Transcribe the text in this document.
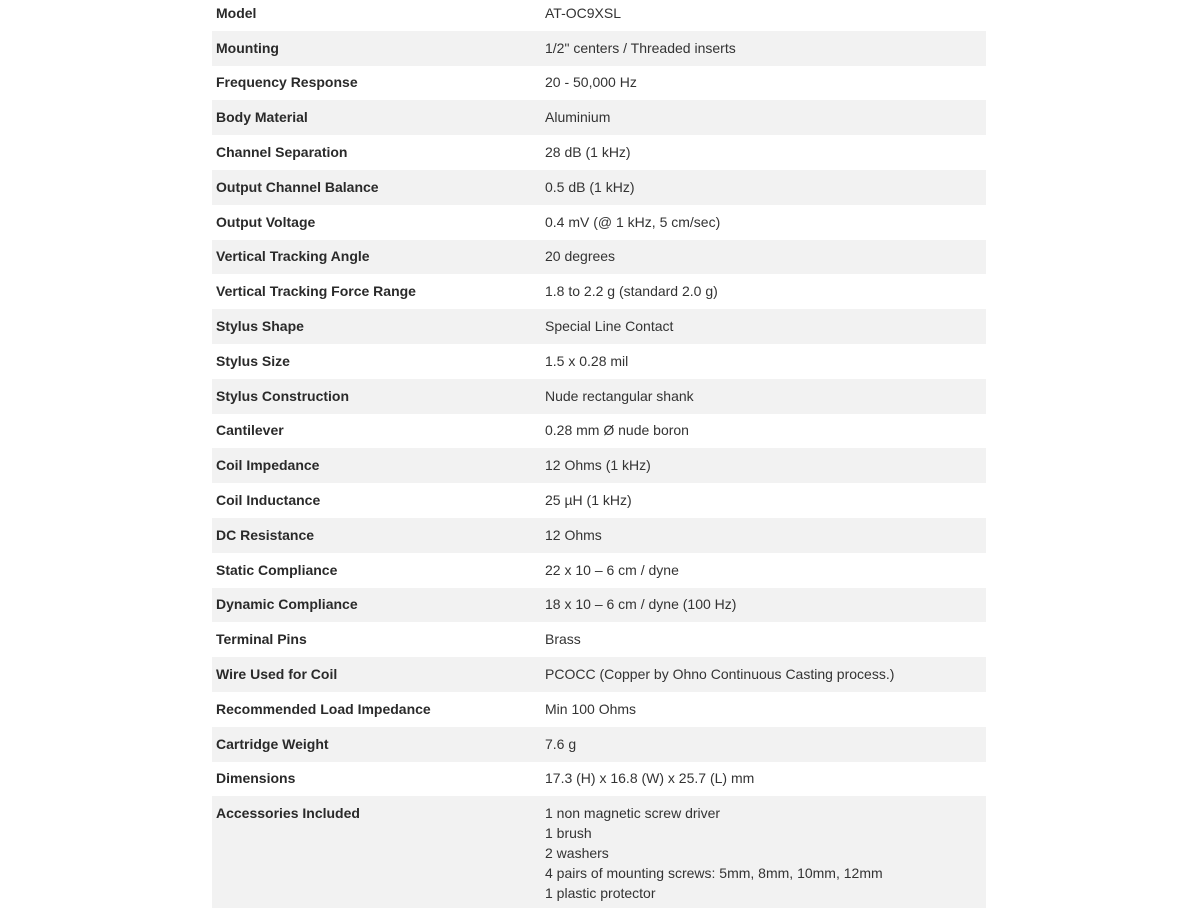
Model	AT-OC9XSL
Mounting	1/2" centers / Threaded inserts
Frequency Response	20 - 50,000 Hz
Body Material	Aluminium
Channel Separation	28 dB (1 kHz)
Output Channel Balance	0.5 dB (1 kHz)
Output Voltage	0.4 mV (@ 1 kHz, 5 cm/sec)
Vertical Tracking Angle	20 degrees
Vertical Tracking Force Range	1.8 to 2.2 g (standard 2.0 g)
Stylus Shape	Special Line Contact
Stylus Size	1.5 x 0.28 mil
Stylus Construction	Nude rectangular shank
Cantilever	0.28 mm Ø nude boron
Coil Impedance	12 Ohms (1 kHz)
Coil Inductance	25 µH (1 kHz)
DC Resistance	12 Ohms
Static Compliance	22 x 10 – 6 cm / dyne
Dynamic Compliance	18 x 10 – 6 cm / dyne (100 Hz)
Terminal Pins	Brass
Wire Used for Coil	PCOCC (Copper by Ohno Continuous Casting process.)
Recommended Load Impedance	Min 100 Ohms
Cartridge Weight	7.6 g
Dimensions	17.3 (H) x 16.8 (W) x 25.7 (L) mm
Accessories Included	1 non magnetic screw driver
1 brush
2 washers
4 pairs of mounting screws: 5mm, 8mm, 10mm, 12mm
1 plastic protector
